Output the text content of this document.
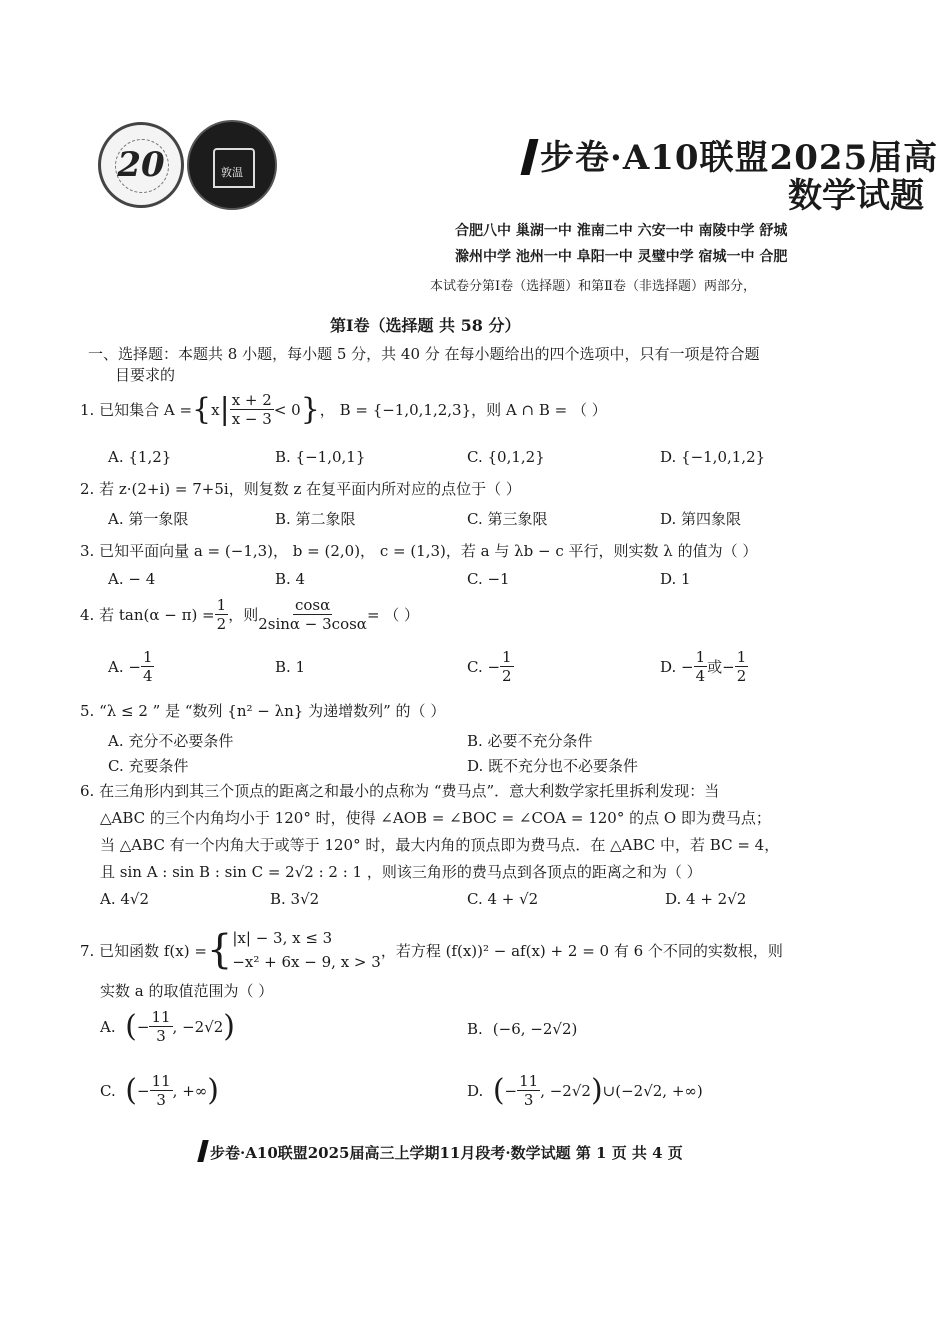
20	敦温	步卷·A10联盟2025届高
数学试题
合肥八中 巢湖一中 淮南二中 六安一中 南陵中学 舒城
滁州中学 池州一中 阜阳一中 灵璧中学 宿城一中 合肥
本试卷分第Ⅰ卷（选择题）和第Ⅱ卷（非选择题）两部分，
第Ⅰ卷（选择题 共 58 分）
一、选择题：本题共 8 小题，每小题 5 分，共 40 分 在每小题给出的四个选项中，只有一项是符合题
目要求的
1.
已知集合 A = { x | $\frac{x + 2}{x - 3} < 0$ } ， B = {−1,0,1,2,3}，则 A ∩ B = （ ）
A. {1,2}	B. {−1,0,1}	C. {0,1,2}	D. {−1,0,1,2}
2. 若 z·(2+i) = 7+5i，则复数 z 在复平面内所对应的点位于（ ）
A. 第一象限	B. 第二象限	C. 第三象限	D. 第四象限
3. 已知平面向量 a = (−1,3)， b = (2,0)， c = (1,3)，若 a 与 λb − c 平行，则实数 λ 的值为（ ）
A. − 4	B. 4	C. −1	D. 1
4.
若 $\tan(\alpha - \pi) = \frac{1}{2}$ ，则 $\frac{\cos\alpha}{2\sin\alpha - 3\cos\alpha}$ = （ ）
A. − $\frac{1}{4}$	B. 1	C. − $\frac{1}{2}$	D. − $\frac{1}{4}$ 或− $\frac{1}{2}$
5. “λ ≤ 2 ” 是 “数列 {n² − λn} 为递增数列” 的（ ）
A. 充分不必要条件	B. 必要不充分条件
C. 充要条件	D. 既不充分也不必要条件
6. 在三角形内到其三个顶点的距离之和最小的点称为 “费马点”．意大利数学家托里拆利发现：当
△ABC 的三个内角均小于 120° 时，使得 ∠AOB = ∠BOC = ∠COA = 120° 的点 O 即为费马点；
当 △ABC 有一个内角大于或等于 120° 时，最大内角的顶点即为费马点．在 △ABC 中，若 BC = 4，
且 sin A : sin B : sin C = 2√2 : 2 : 1 ，则该三角形的费马点到各顶点的距离之和为（ ）
A. 4√2	B. 3√2	C. 4 + √2	D. 4 + 2√2
7. 已知函数 f(x) = { |x| − 3, x ≤ 3
−x² + 6x − 9, x > 3
，若方程 (f(x))² − af(x) + 2 = 0 有 6 个不同的实数根，则
实数 a 的取值范围为（ ）
A.
( − $\frac{11}{3}$ , −2√2 )	B. (−6, −2√2)
C.
( − $\frac{11}{3}$ , +∞ )	D.
( − $\frac{11}{3}$ , −2√2 ) ∪(−2√2, +∞)
步卷·A10联盟2025届高三上学期11月段考·数学试题 第 1 页 共 4 页
